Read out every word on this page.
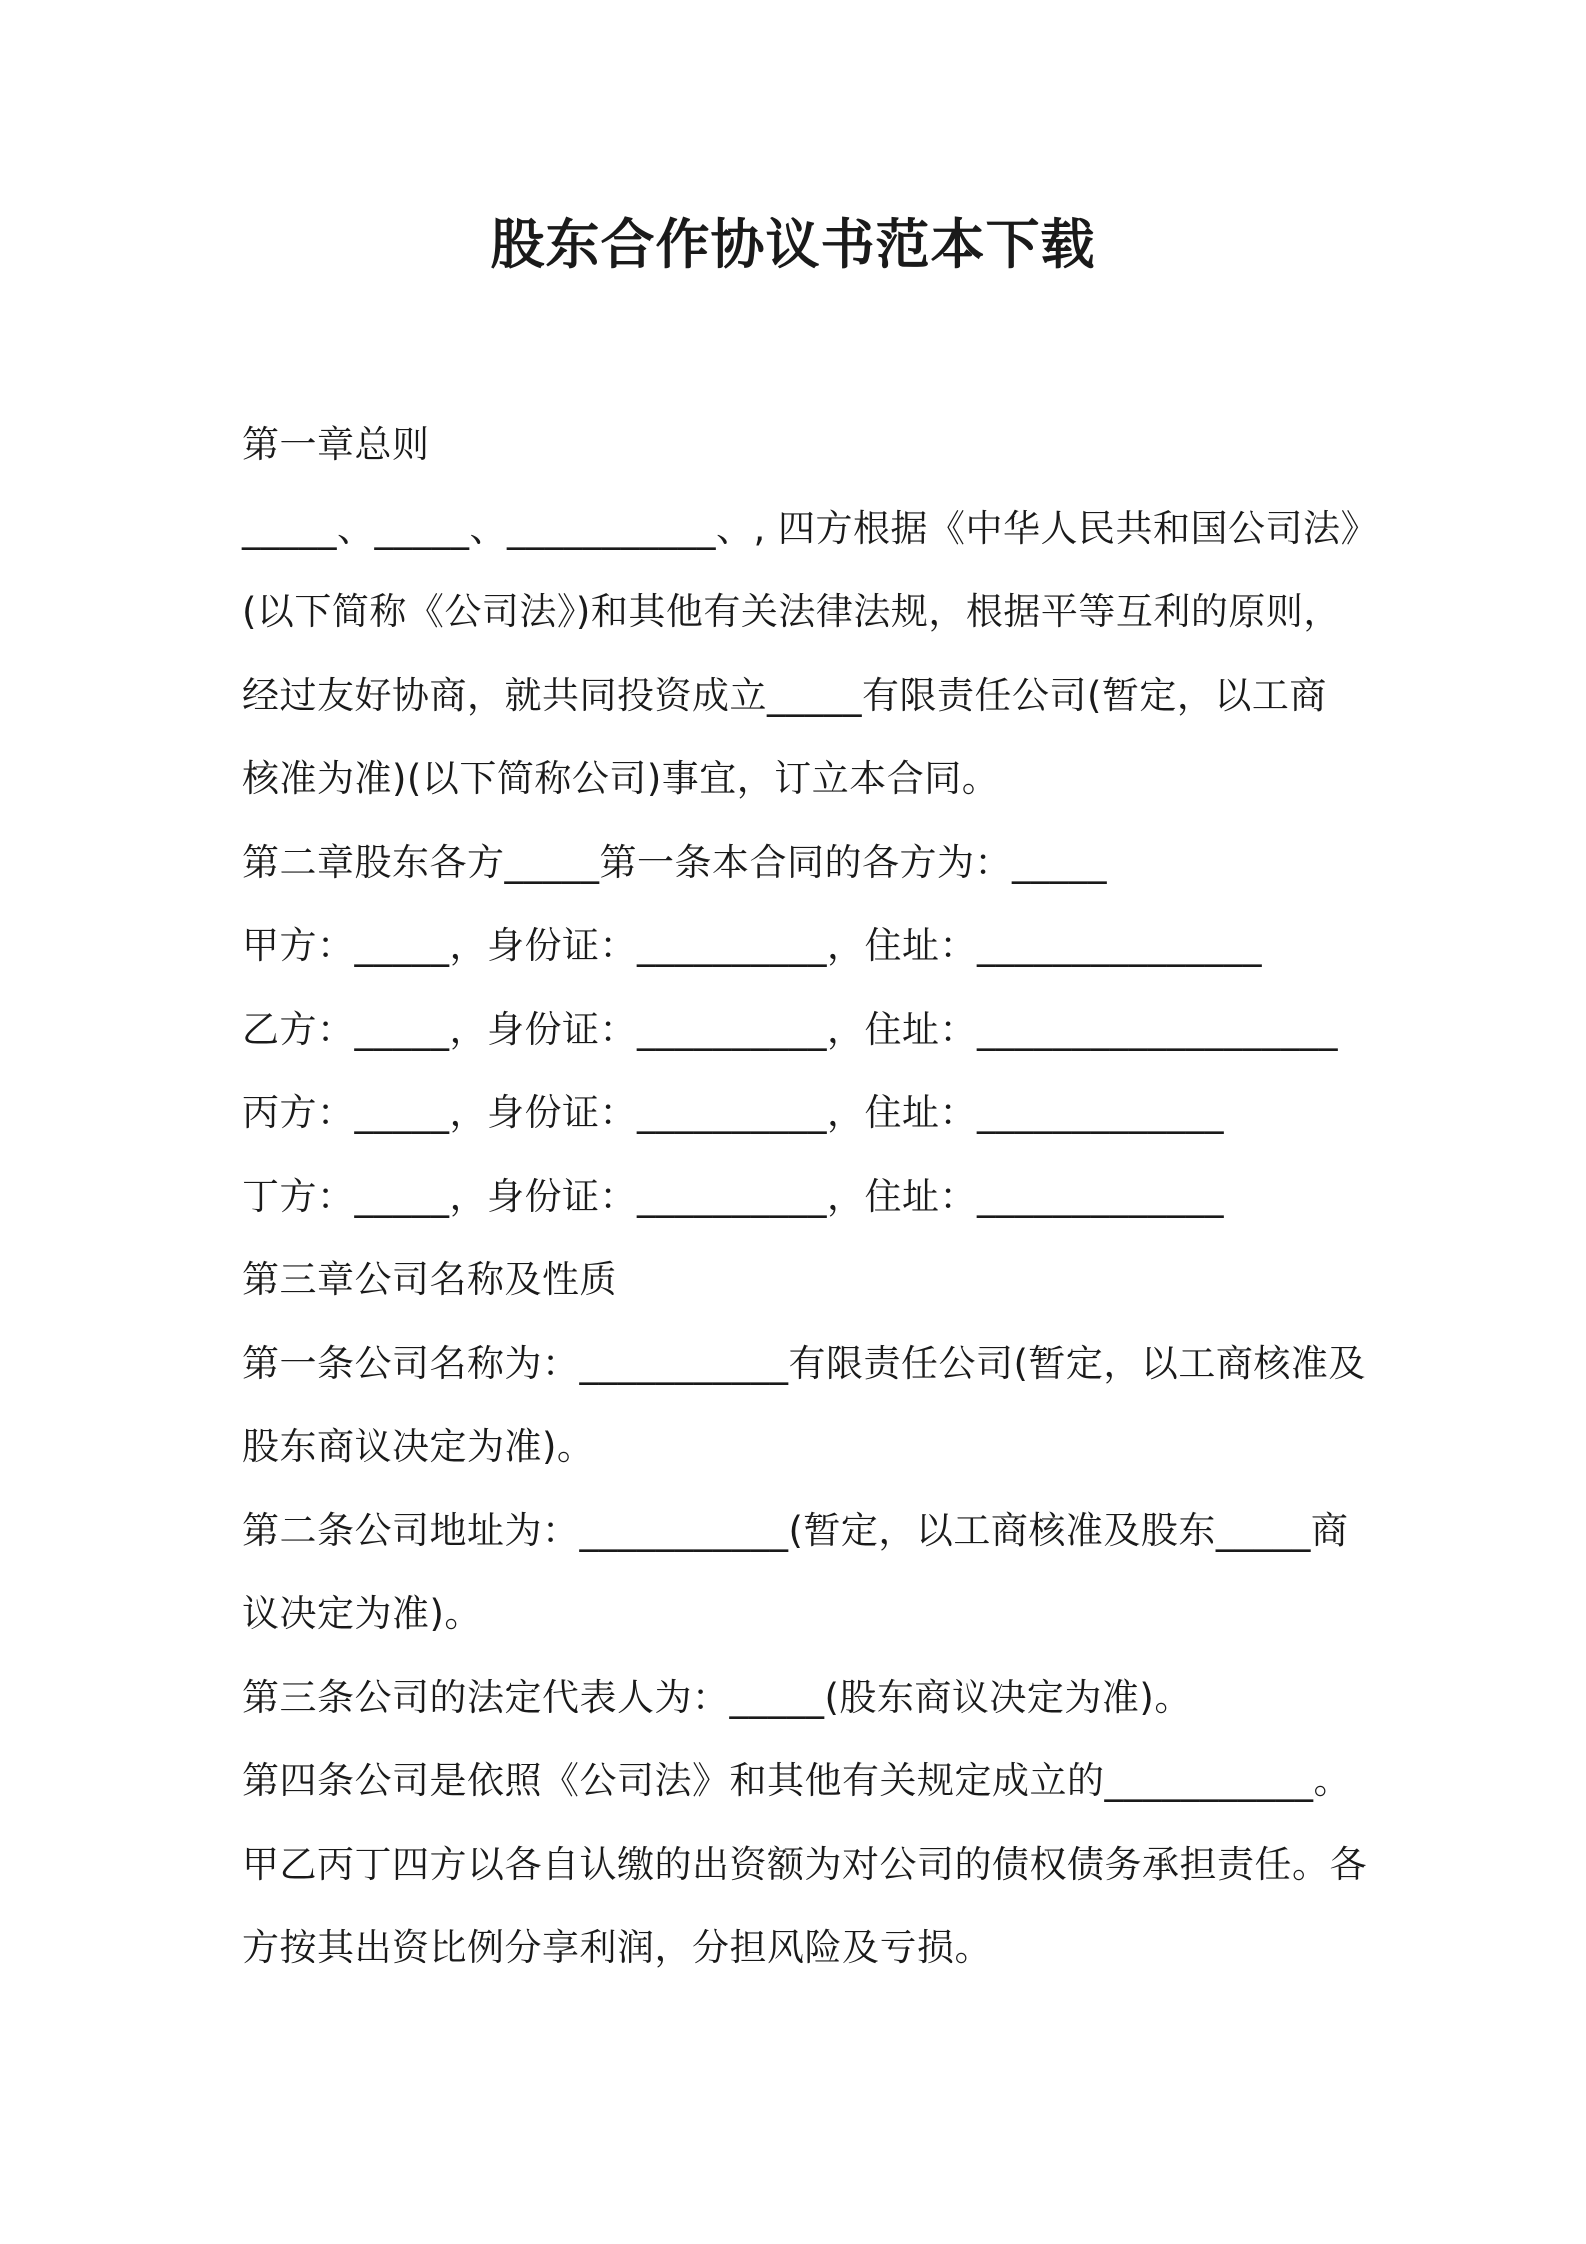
股东合作协议书范本下载
第一章总则
_____、_____、___________、, 四方根据《中华人民共和国公司法》
(以下简称《公司法》)和其他有关法律法规，根据平等互利的原则，
经过友好协商，就共同投资成立_____有限责任公司(暂定，以工商
核准为准)(以下简称公司)事宜，订立本合同。
第二章股东各方_____第一条本合同的各方为：_____
甲方：_____，身份证：__________，住址：_______________
乙方：_____，身份证：__________，住址：___________________
丙方：_____，身份证：__________，住址：_____________
丁方：_____，身份证：__________，住址：_____________
第三章公司名称及性质
第一条公司名称为：___________有限责任公司(暂定，以工商核准及
股东商议决定为准)。
第二条公司地址为：___________(暂定，以工商核准及股东_____商
议决定为准)。
第三条公司的法定代表人为：_____(股东商议决定为准)。
第四条公司是依照《公司法》和其他有关规定成立的___________。
甲乙丙丁四方以各自认缴的出资额为对公司的债权债务承担责任。各
方按其出资比例分享利润，分担风险及亏损。
